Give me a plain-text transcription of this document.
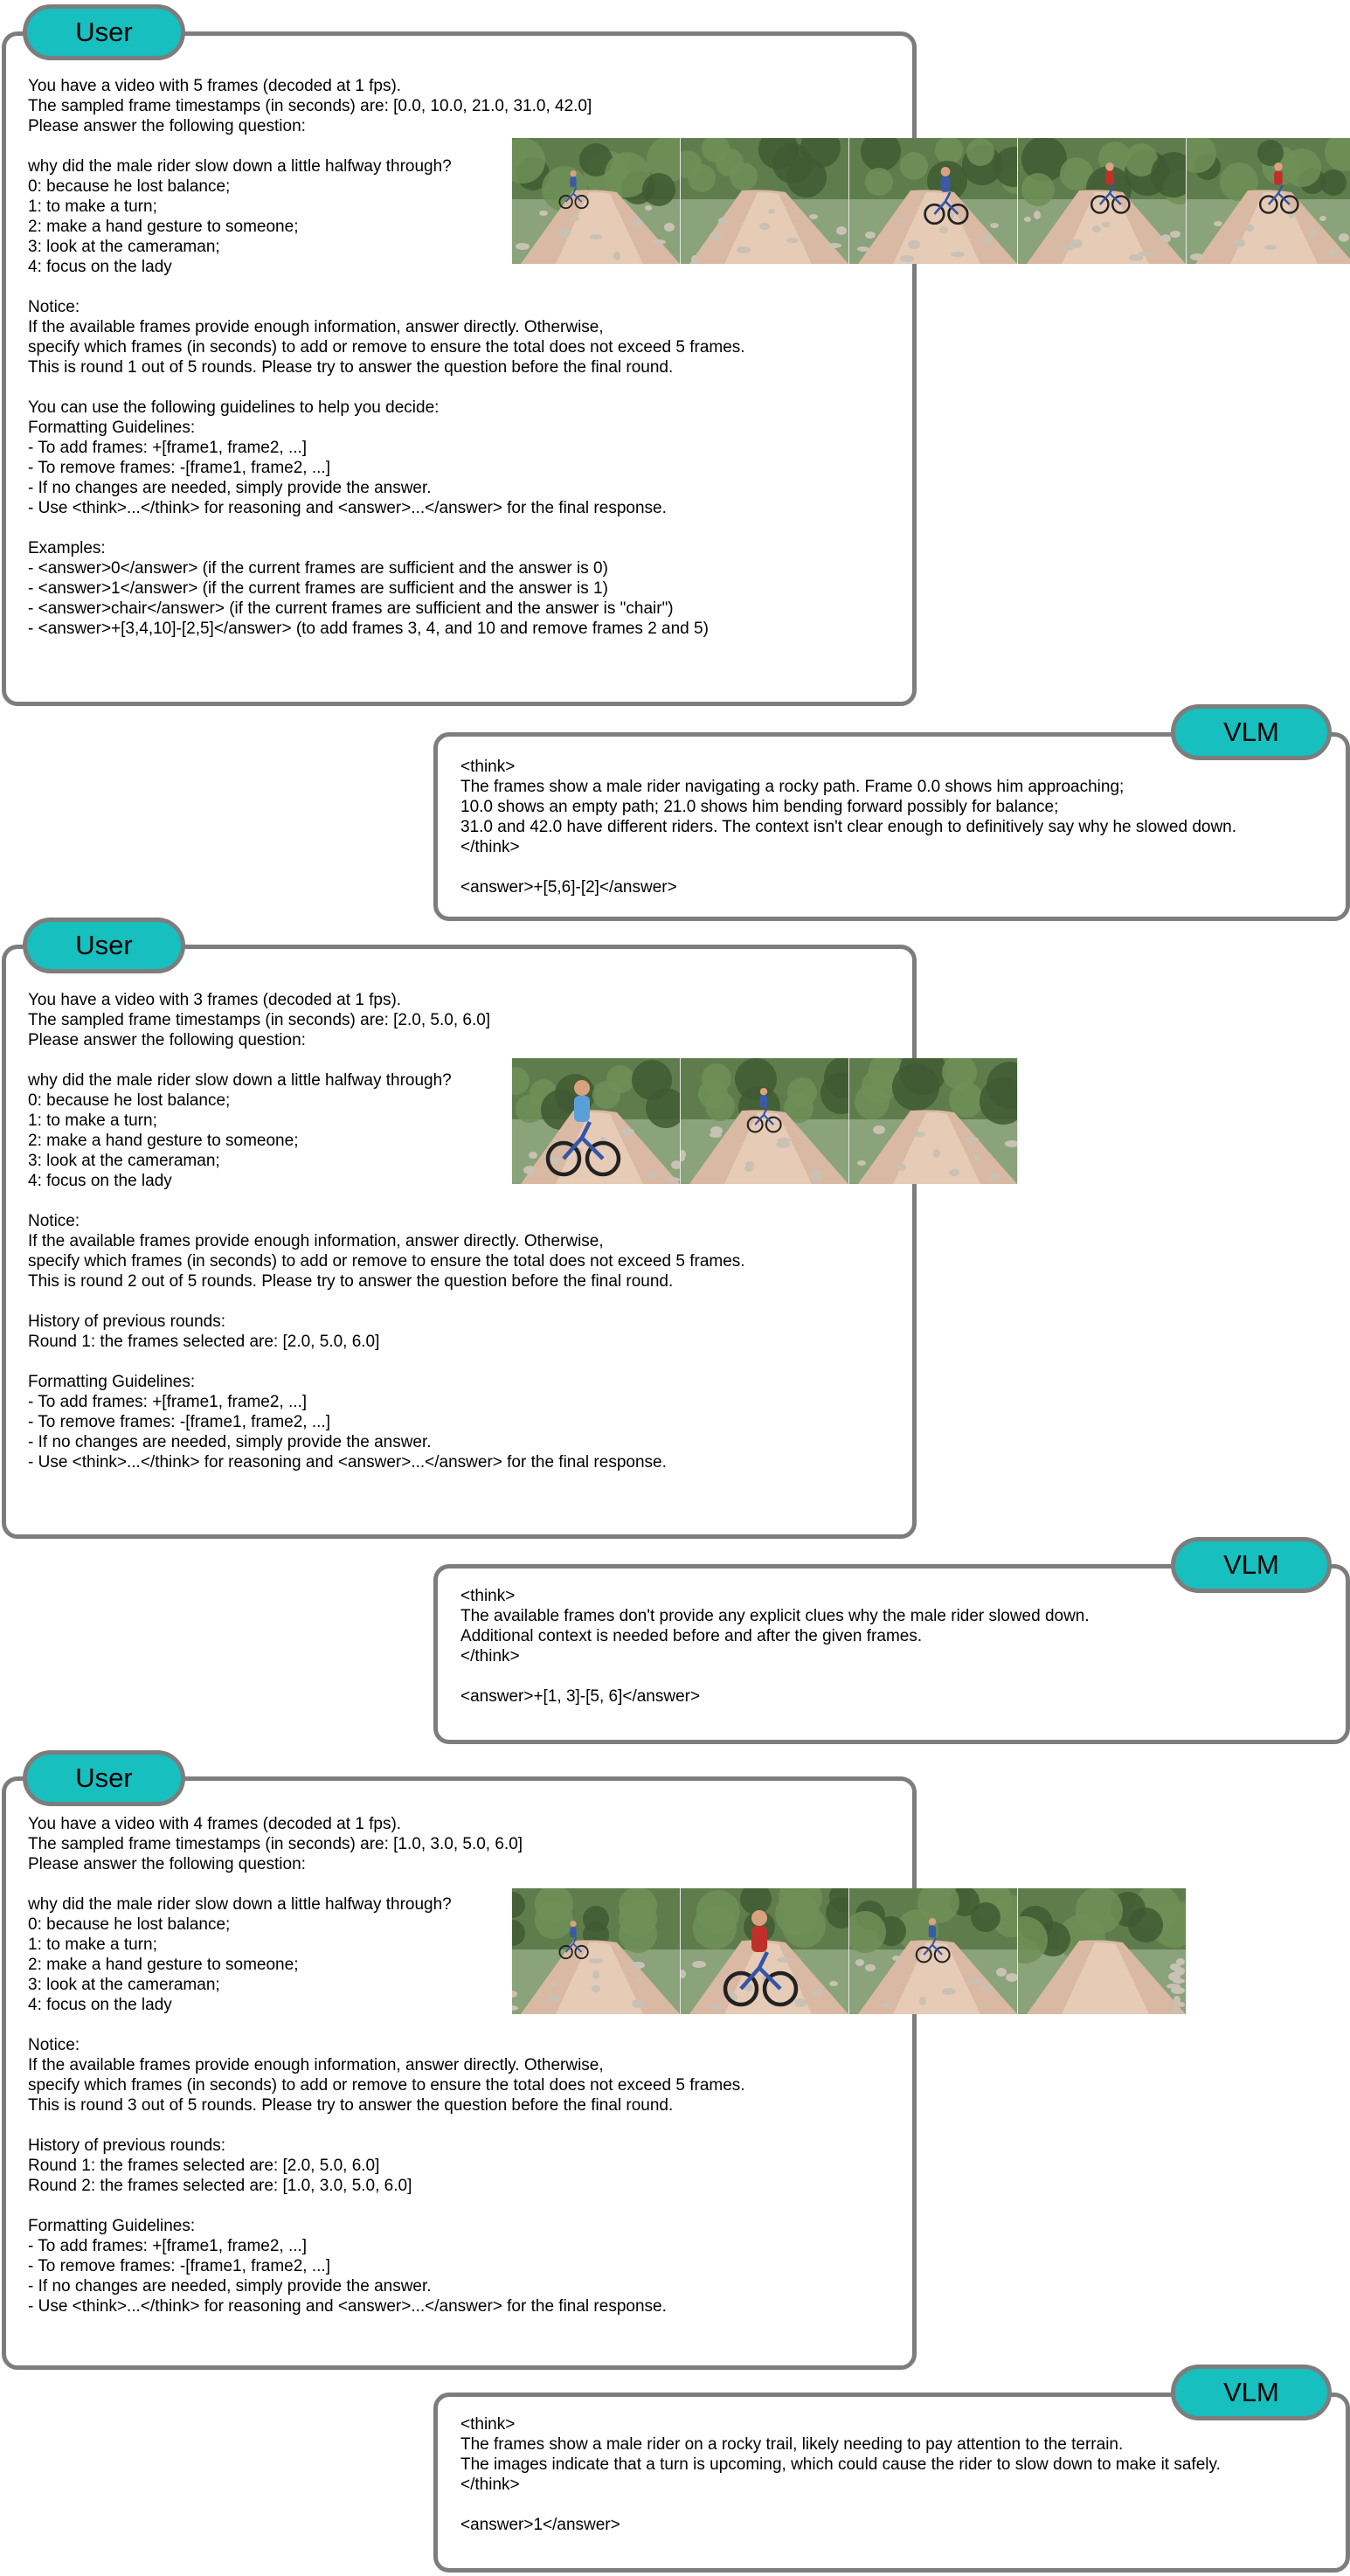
User
You have a video with 5 frames (decoded at 1 fps).
The sampled frame timestamps (in seconds) are: [0.0, 10.0, 21.0, 31.0, 42.0]
Please answer the following question:

why did the male rider slow down a little halfway through?
0: because he lost balance;
1: to make a turn;
2: make a hand gesture to someone;
3: look at the cameraman;
4: focus on the lady

Notice:
If the available frames provide enough information, answer directly. Otherwise,
specify which frames (in seconds) to add or remove to ensure the total does not exceed 5 frames.
This is round 1 out of 5 rounds. Please try to answer the question before the final round.

You can use the following guidelines to help you decide:
Formatting Guidelines:
- To add frames: +[frame1, frame2, ...]
- To remove frames: -[frame1, frame2, ...]
- If no changes are needed, simply provide the answer.
- Use <think>...</think> for reasoning and <answer>...</answer> for the final response.

Examples:
- <answer>0</answer> (if the current frames are sufficient and the answer is 0)
- <answer>1</answer> (if the current frames are sufficient and the answer is 1)
- <answer>chair</answer> (if the current frames are sufficient and the answer is "chair")
- <answer>+[3,4,10]-[2,5]</answer> (to add frames 3, 4, and 10 and remove frames 2 and 5)
VLM
<think>
The frames show a male rider navigating a rocky path. Frame 0.0 shows him approaching;
10.0 shows an empty path; 21.0 shows him bending forward possibly for balance;
31.0 and 42.0 have different riders. The context isn't clear enough to definitively say why he slowed down.
</think>

<answer>+[5,6]-[2]</answer>
User
You have a video with 3 frames (decoded at 1 fps).
The sampled frame timestamps (in seconds) are: [2.0, 5.0, 6.0]
Please answer the following question:

why did the male rider slow down a little halfway through?
0: because he lost balance;
1: to make a turn;
2: make a hand gesture to someone;
3: look at the cameraman;
4: focus on the lady

Notice:
If the available frames provide enough information, answer directly. Otherwise,
specify which frames (in seconds) to add or remove to ensure the total does not exceed 5 frames.
This is round 2 out of 5 rounds. Please try to answer the question before the final round.

History of previous rounds:
Round 1: the frames selected are: [2.0, 5.0, 6.0]

Formatting Guidelines:
- To add frames: +[frame1, frame2, ...]
- To remove frames: -[frame1, frame2, ...]
- If no changes are needed, simply provide the answer.
- Use <think>...</think> for reasoning and <answer>...</answer> for the final response.
VLM
<think>
The available frames don't provide any explicit clues why the male rider slowed down.
Additional context is needed before and after the given frames.
</think>

<answer>+[1, 3]-[5, 6]</answer>
User
You have a video with 4 frames (decoded at 1 fps).
The sampled frame timestamps (in seconds) are: [1.0, 3.0, 5.0, 6.0]
Please answer the following question:

why did the male rider slow down a little halfway through?
0: because he lost balance;
1: to make a turn;
2: make a hand gesture to someone;
3: look at the cameraman;
4: focus on the lady

Notice:
If the available frames provide enough information, answer directly. Otherwise,
specify which frames (in seconds) to add or remove to ensure the total does not exceed 5 frames.
This is round 3 out of 5 rounds. Please try to answer the question before the final round.

History of previous rounds:
Round 1: the frames selected are: [2.0, 5.0, 6.0]
Round 2: the frames selected are: [1.0, 3.0, 5.0, 6.0]

Formatting Guidelines:
- To add frames: +[frame1, frame2, ...]
- To remove frames: -[frame1, frame2, ...]
- If no changes are needed, simply provide the answer.
- Use <think>...</think> for reasoning and <answer>...</answer> for the final response.
VLM
<think>
The frames show a male rider on a rocky trail, likely needing to pay attention to the terrain.
The images indicate that a turn is upcoming, which could cause the rider to slow down to make it safely.
</think>

<answer>1</answer>
